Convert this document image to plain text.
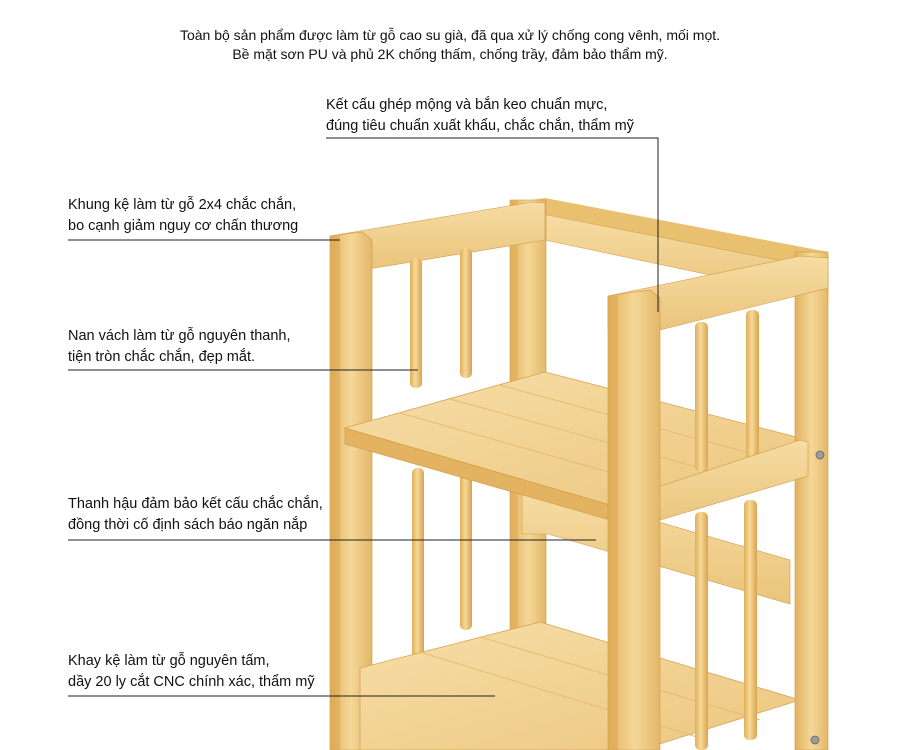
Toàn bộ sản phẩm được làm từ gỗ cao su già, đã qua xử lý chống cong vênh, mối mọt.
Bề mặt sơn PU và phủ 2K chống thấm, chống trầy, đảm bảo thẩm mỹ.
Kết cấu ghép mộng và bắn keo chuẩn mực,
đúng tiêu chuẩn xuất khẩu, chắc chắn, thẩm mỹ
Khung kệ làm từ gỗ 2x4 chắc chắn,
bo cạnh giảm nguy cơ chấn thương
Nan vách làm từ gỗ nguyên thanh,
tiện tròn chắc chắn, đẹp mắt.
Thanh hậu đảm bảo kết cấu chắc chắn,
đồng thời cố định sách báo ngăn nắp
Khay kệ làm từ gỗ nguyên tấm,
dầy 20 ly cắt CNC chính xác, thẩm mỹ
